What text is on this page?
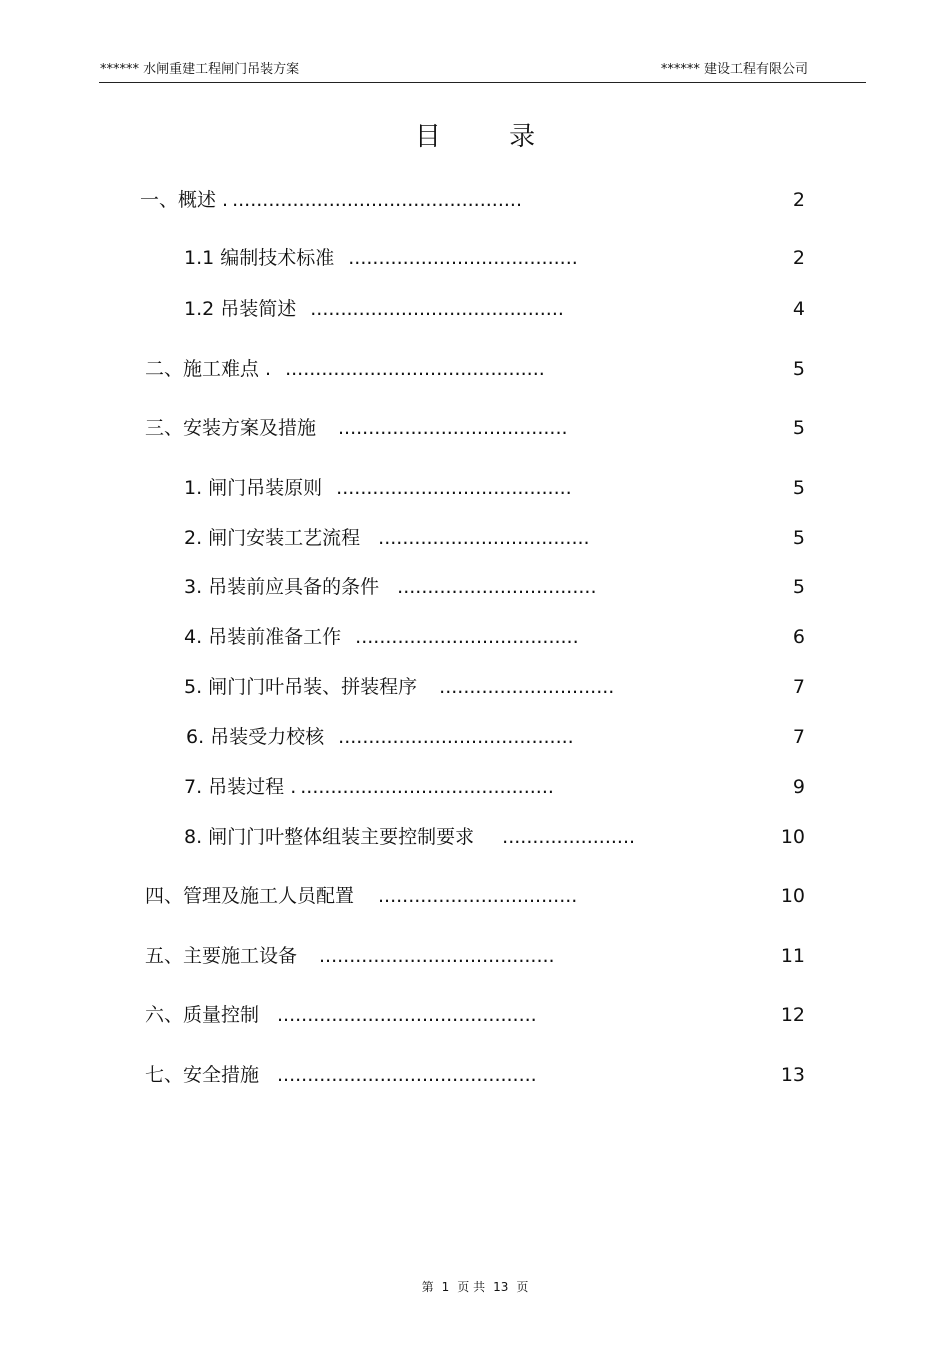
****** 水闸重建工程闸门吊装方案	****** 建设工程有限公司
目 录
一、概述 . ................................................	2
1.1 编制技术标准 ......................................	2
1.2 吊装简述 ..........................................	4
二、施工难点 . ...........................................	5
三、安装方案及措施 ......................................	5
1. 闸门吊装原则 .......................................	5
2. 闸门安装工艺流程 ...................................	5
3. 吊装前应具备的条件 .................................	5
4. 吊装前准备工作 .....................................	6
5. 闸门门叶吊装、拼装程序 .............................	7
6. 吊装受力校核 .......................................	7
7. 吊装过程 . ..........................................	9
8. 闸门门叶整体组装主要控制要求 ......................	10
四、管理及施工人员配置 .................................	10
五、主要施工设备 .......................................	11
六、质量控制 ...........................................	12
七、安全措施 ...........................................	13
第 1 页 共 13 页
